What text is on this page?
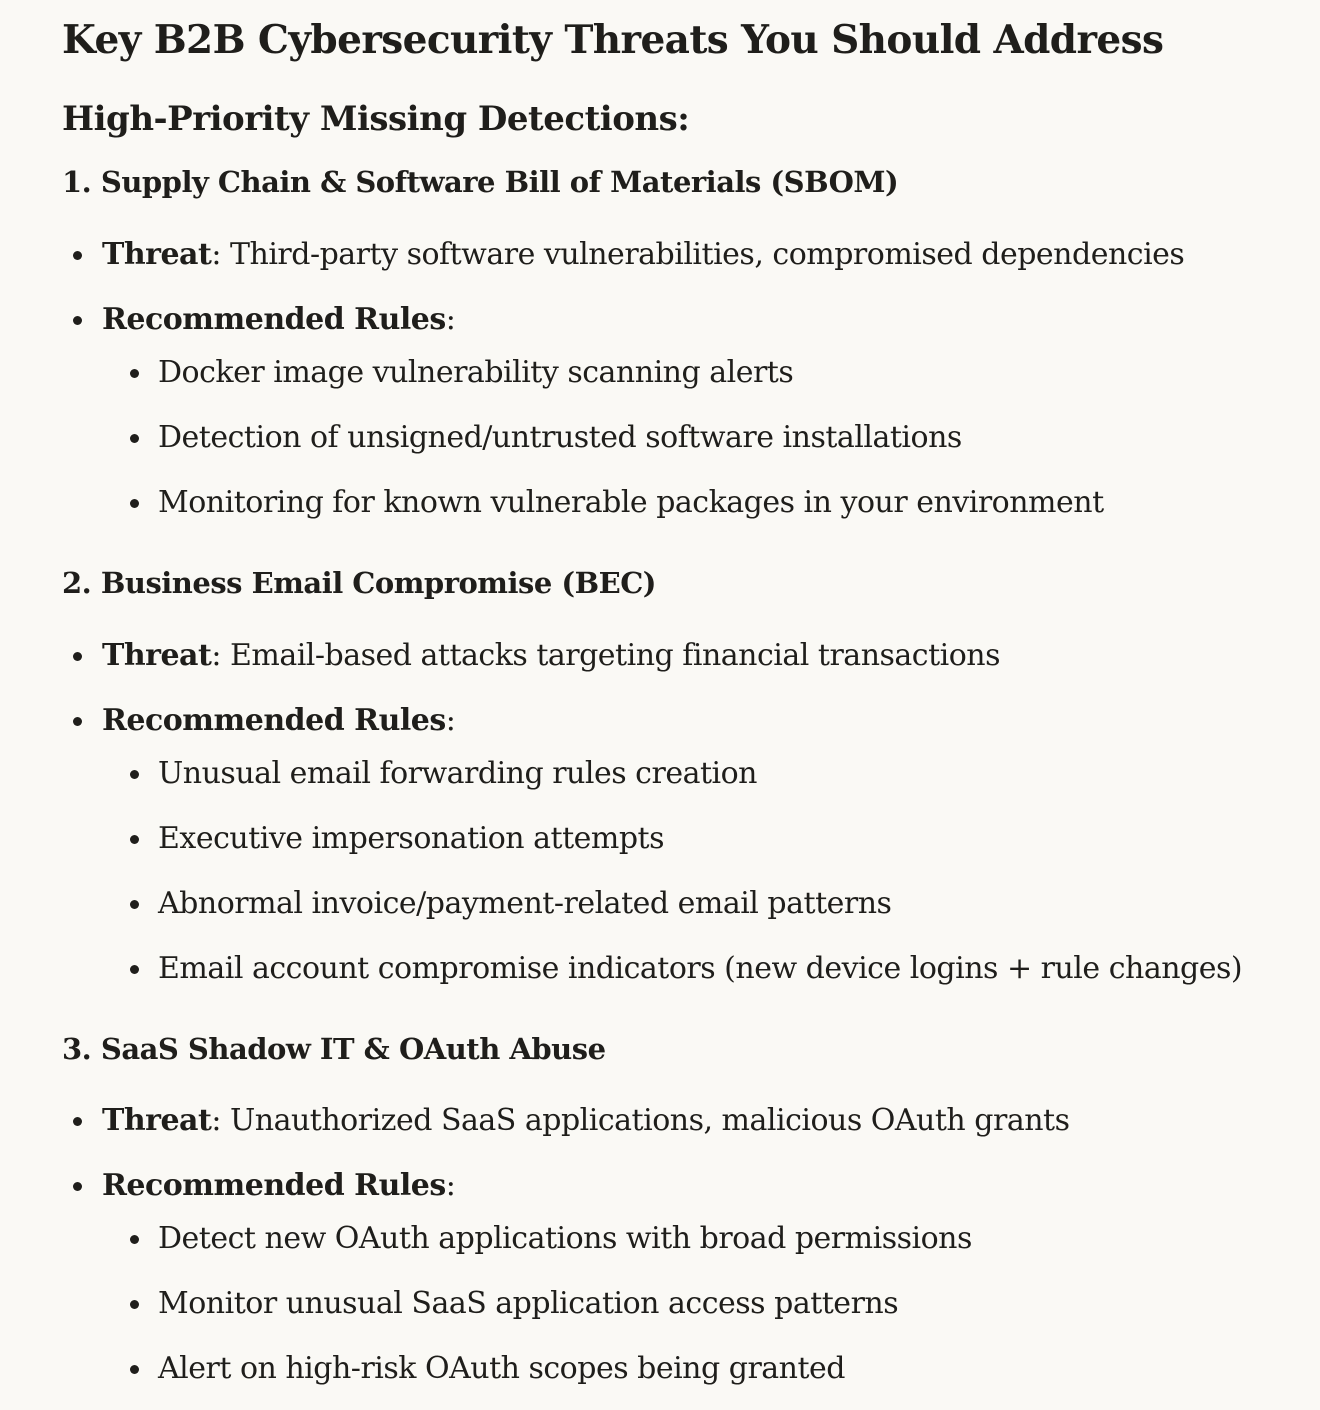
Key B2B Cybersecurity Threats You Should Address
High-Priority Missing Detections:
1. Supply Chain & Software Bill of Materials (SBOM)
Threat: Third-party software vulnerabilities, compromised dependencies
Recommended Rules:
Docker image vulnerability scanning alerts
Detection of unsigned/untrusted software installations
Monitoring for known vulnerable packages in your environment
2. Business Email Compromise (BEC)
Threat: Email-based attacks targeting financial transactions
Recommended Rules:
Unusual email forwarding rules creation
Executive impersonation attempts
Abnormal invoice/payment-related email patterns
Email account compromise indicators (new device logins + rule changes)
3. SaaS Shadow IT & OAuth Abuse
Threat: Unauthorized SaaS applications, malicious OAuth grants
Recommended Rules:
Detect new OAuth applications with broad permissions
Monitor unusual SaaS application access patterns
Alert on high-risk OAuth scopes being granted
